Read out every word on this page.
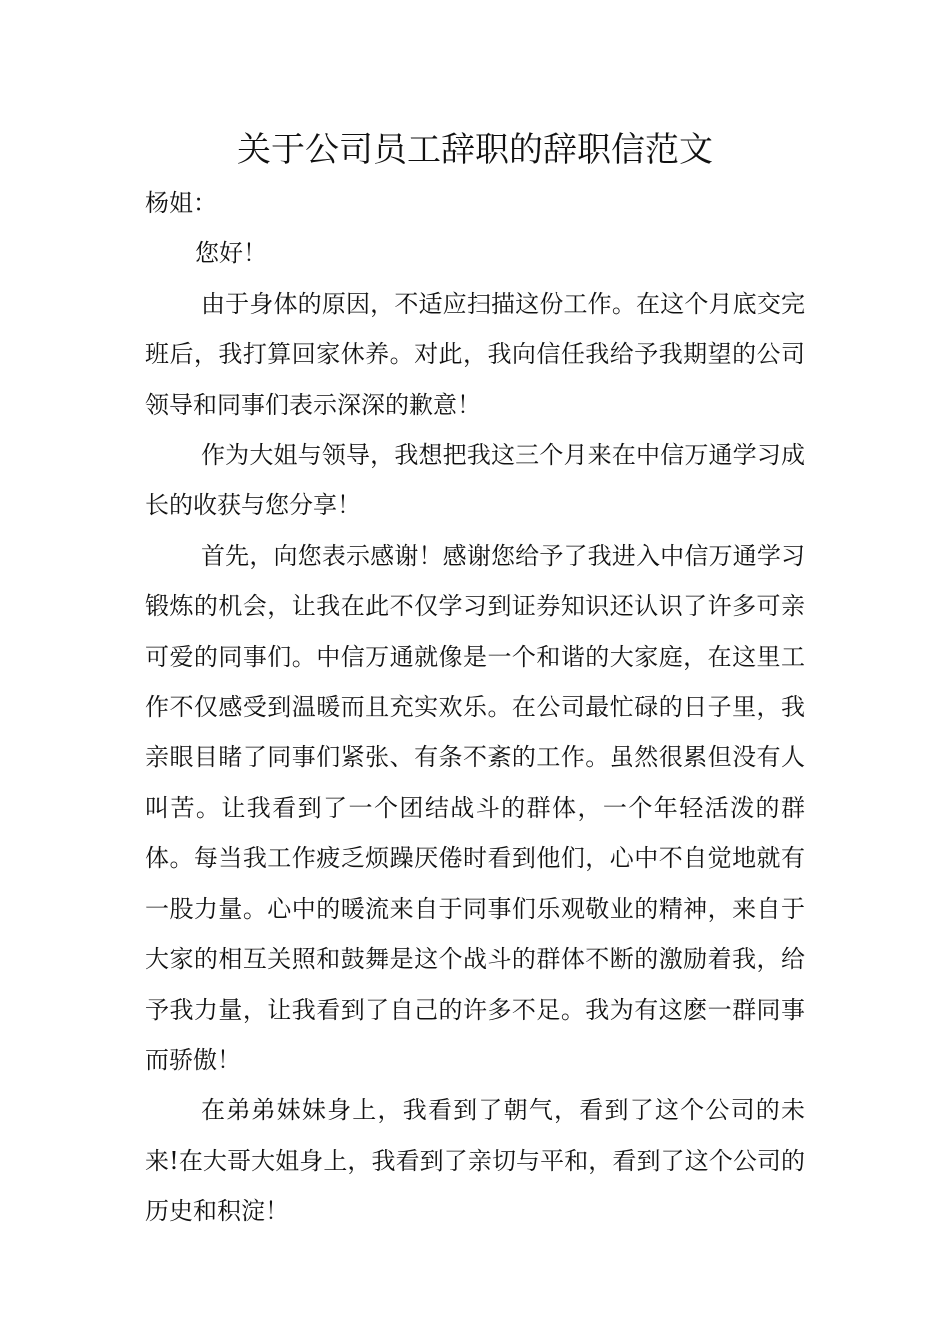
关于公司员工辞职的辞职信范文

杨姐：

您好！

由于身体的原因，不适应扫描这份工作。在这个月底交完班后，我打算回家休养。对此，我向信任我给予我期望的公司领导和同事们表示深深的歉意！

作为大姐与领导，我想把我这三个月来在中信万通学习成长的收获与您分享！

首先，向您表示感谢！感谢您给予了我进入中信万通学习锻炼的机会，让我在此不仅学习到证券知识还认识了许多可亲可爱的同事们。中信万通就像是一个和谐的大家庭，在这里工作不仅感受到温暖而且充实欢乐。在公司最忙碌的日子里，我亲眼目睹了同事们紧张、有条不紊的工作。虽然很累但没有人叫苦。让我看到了一个团结战斗的群体，一个年轻活泼的群体。每当我工作疲乏烦躁厌倦时看到他们，心中不自觉地就有一股力量。心中的暖流来自于同事们乐观敬业的精神，来自于大家的相互关照和鼓舞是这个战斗的群体不断的激励着我，给予我力量，让我看到了自己的许多不足。我为有这麽一群同事而骄傲！

在弟弟妹妹身上，我看到了朝气，看到了这个公司的未来!在大哥大姐身上，我看到了亲切与平和，看到了这个公司的历史和积淀！
